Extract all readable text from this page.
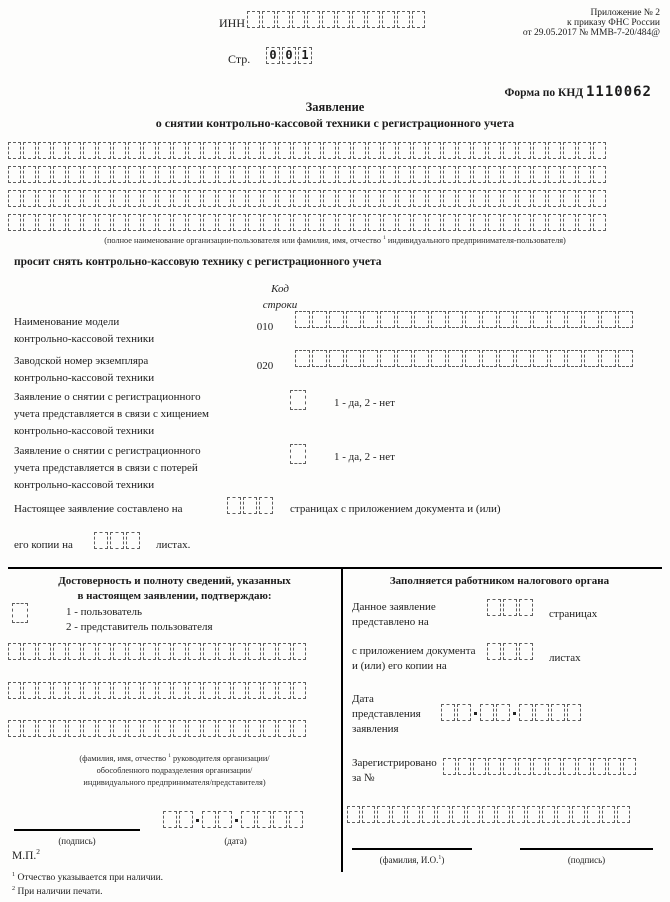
ИНН
Стр. 0 0 1
Приложение № 2
к приказу ФНС России
от 29.05.2017 № ММВ-7-20/484@
Форма по КНД 1110062
Заявление
о снятии контрольно-кассовой техники с регистрационного учета
(полное наименование организации-пользователя или фамилия, имя, отчество $^1$ индивидуального предпринимателя-пользователя)
просит снять контрольно-кассовую технику с регистрационного учета
Код
строки
Наименование модели
контрольно-кассовой техники
010
Заводской номер экземпляра
контрольно-кассовой техники
020
Заявление о снятии с регистрационного
учета представляется в связи с хищением
контрольно-кассовой техники
1 - да, 2 - нет
Заявление о снятии с регистрационного
учета представляется в связи с потерей
контрольно-кассовой техники
1 - да, 2 - нет
Настоящее заявление составлено на	страницах с приложением документа и (или)
его копии на	листах.
Достоверность и полноту сведений, указанных
в настоящем заявлении, подтверждаю:
1 - пользователь
2 - представитель пользователя
(фамилия, имя, отчество $^1$ руководителя организации/
обособленного подразделения организации/
индивидуального предпринимателя/представителя)
(подпись)	(дата)
М.П.$^2$
$^1$ Отчество указывается при наличии.
$^2$ При наличии печати.
Заполняется работником налогового органа
Данное заявление
представлено на
страницах
с приложением документа
и (или) его копии на
листах
Дата
представления
заявления
Зарегистрировано
за №
(фамилия, И.О.$^1$)	(подпись)
